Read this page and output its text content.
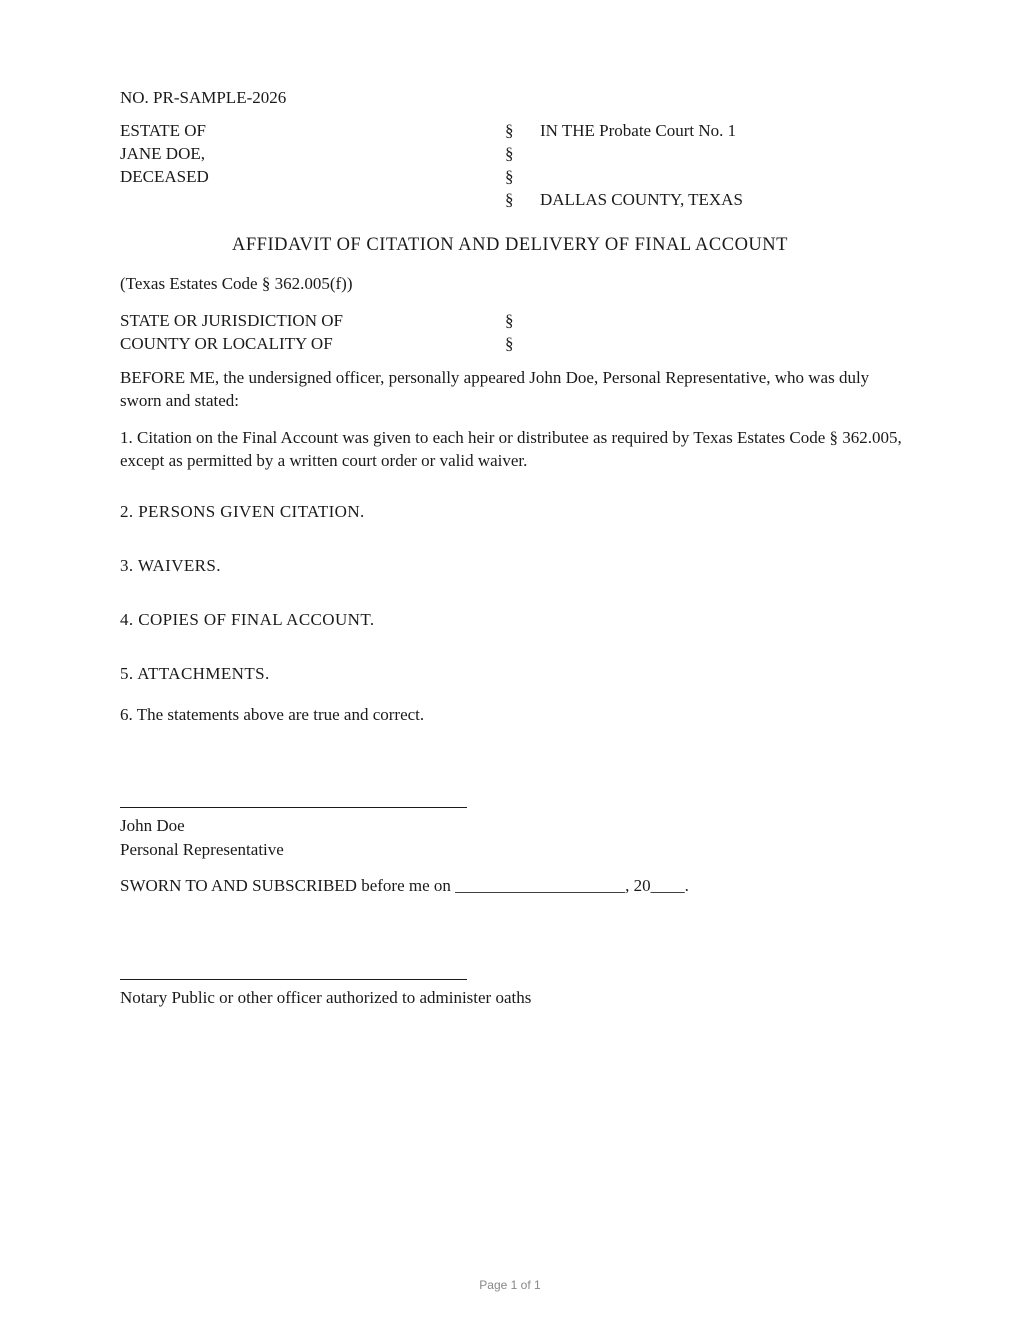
NO. PR-SAMPLE-2026
ESTATE OF
JANE DOE,
DECEASED
§
§
§
§
IN THE Probate Court No. 1
DALLAS COUNTY, TEXAS
AFFIDAVIT OF CITATION AND DELIVERY OF FINAL ACCOUNT
(Texas Estates Code § 362.005(f))
STATE OR JURISDICTION OF
COUNTY OR LOCALITY OF
§
§
BEFORE ME, the undersigned officer, personally appeared John Doe, Personal Representative, who was duly sworn and stated:
1. Citation on the Final Account was given to each heir or distributee as required by Texas Estates Code § 362.005, except as permitted by a written court order or valid waiver.
2. PERSONS GIVEN CITATION.
3. WAIVERS.
4. COPIES OF FINAL ACCOUNT.
5. ATTACHMENTS.
6. The statements above are true and correct.
John Doe
Personal Representative
SWORN TO AND SUBSCRIBED before me on ____________________, 20____.
Notary Public or other officer authorized to administer oaths
Page 1 of 1
